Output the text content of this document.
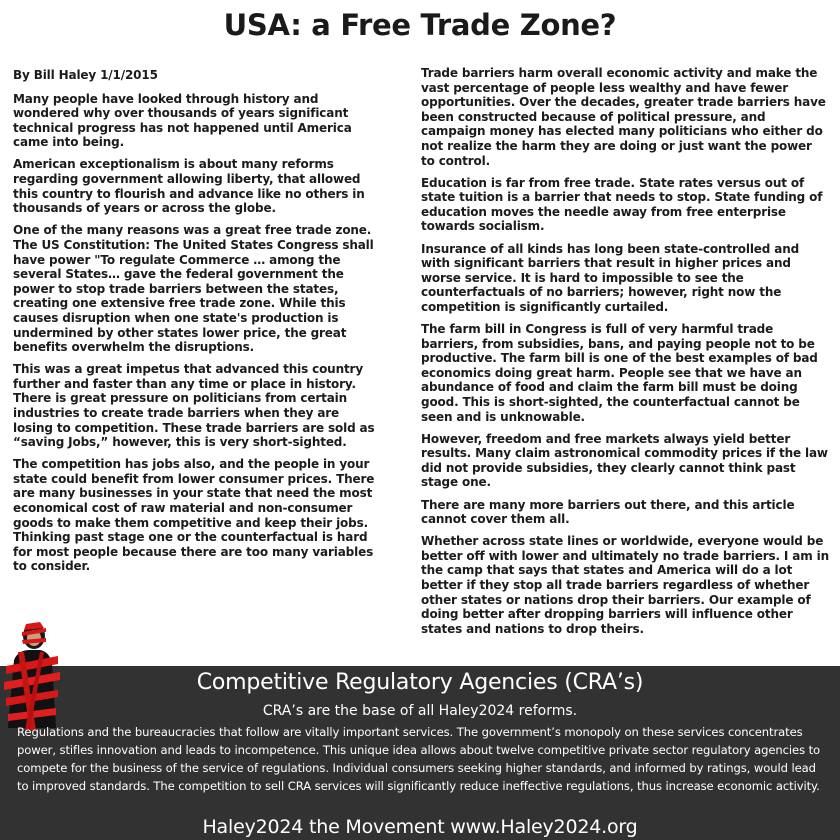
USA: a Free Trade Zone?

By Bill Haley 1/1/2015

Many people have looked through history and wondered why over thousands of years significant technical progress has not happened until America came into being.

American exceptionalism is about many reforms regarding government allowing liberty, that allowed this country to flourish and advance like no others in thousands of years or across the globe.

One of the many reasons was a great free trade zone. The US Constitution: The United States Congress shall have power "To regulate Commerce … among the several States… gave the federal government the power to stop trade barriers between the states, creating one extensive free trade zone. While this causes disruption when one state's production is undermined by other states lower price, the great benefits overwhelm the disruptions.

This was a great impetus that advanced this country further and faster than any time or place in history. There is great pressure on politicians from certain industries to create trade barriers when they are losing to competition. These trade barriers are sold as “saving Jobs,” however, this is very short-sighted.

The competition has jobs also, and the people in your state could benefit from lower consumer prices. There are many businesses in your state that need the most economical cost of raw material and non-consumer goods to make them competitive and keep their jobs. Thinking past stage one or the counterfactual is hard for most people because there are too many variables to consider.

Trade barriers harm overall economic activity and make the vast percentage of people less wealthy and have fewer opportunities. Over the decades, greater trade barriers have been constructed because of political pressure, and campaign money has elected many politicians who either do not realize the harm they are doing or just want the power to control.

Education is far from free trade. State rates versus out of state tuition is a barrier that needs to stop. State funding of education moves the needle away from free enterprise towards socialism.

Insurance of all kinds has long been state-controlled and with significant barriers that result in higher prices and worse service. It is hard to impossible to see the counterfactuals of no barriers; however, right now the competition is significantly curtailed.

The farm bill in Congress is full of very harmful trade barriers, from subsidies, bans, and paying people not to be productive. The farm bill is one of the best examples of bad economics doing great harm. People see that we have an abundance of food and claim the farm bill must be doing good. This is short-sighted, the counterfactual cannot be seen and is unknowable.

However, freedom and free markets always yield better results. Many claim astronomical commodity prices if the law did not provide subsidies, they clearly cannot think past stage one.

There are many more barriers out there, and this article cannot cover them all.

Whether across state lines or worldwide, everyone would be better off with lower and ultimately no trade barriers. I am in the camp that says that states and America will do a lot better if they stop all trade barriers regardless of whether other states or nations drop their barriers. Our example of doing better after dropping barriers will influence other states and nations to drop theirs.

Competitive Regulatory Agencies (CRA’s)
CRA’s are the base of all Haley2024 reforms.
Regulations and the bureaucracies that follow are vitally important services. The government’s monopoly on these services concentrates power, stifles innovation and leads to incompetence. This unique idea allows about twelve competitive private sector regulatory agencies to compete for the business of the service of regulations. Individual consumers seeking higher standards, and informed by ratings, would lead to improved standards. The competition to sell CRA services will significantly reduce ineffective regulations, thus increase economic activity.
Haley2024 the Movement www.Haley2024.org
